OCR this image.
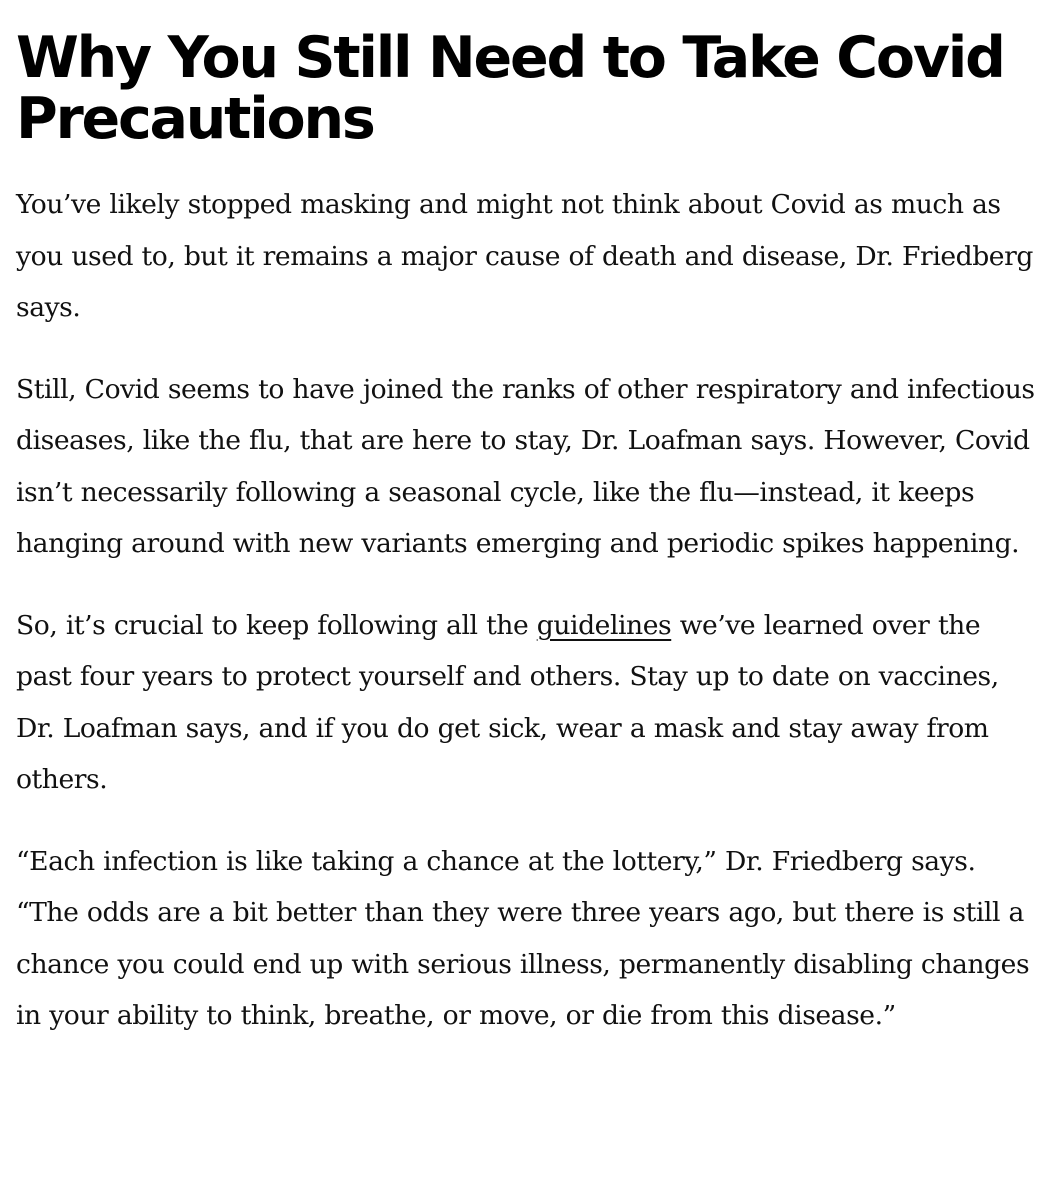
Why You Still Need to Take Covid Precautions

You’ve likely stopped masking and might not think about Covid as much as you used to, but it remains a major cause of death and disease, Dr. Friedberg says.

Still, Covid seems to have joined the ranks of other respiratory and infectious diseases, like the flu, that are here to stay, Dr. Loafman says. However, Covid isn’t necessarily following a seasonal cycle, like the flu—instead, it keeps hanging around with new variants emerging and periodic spikes happening.

So, it’s crucial to keep following all the guidelines we’ve learned over the past four years to protect yourself and others. Stay up to date on vaccines, Dr. Loafman says, and if you do get sick, wear a mask and stay away from others.

“Each infection is like taking a chance at the lottery,” Dr. Friedberg says. “The odds are a bit better than they were three years ago, but there is still a chance you could end up with serious illness, permanently disabling changes in your ability to think, breathe, or move, or die from this disease.”
